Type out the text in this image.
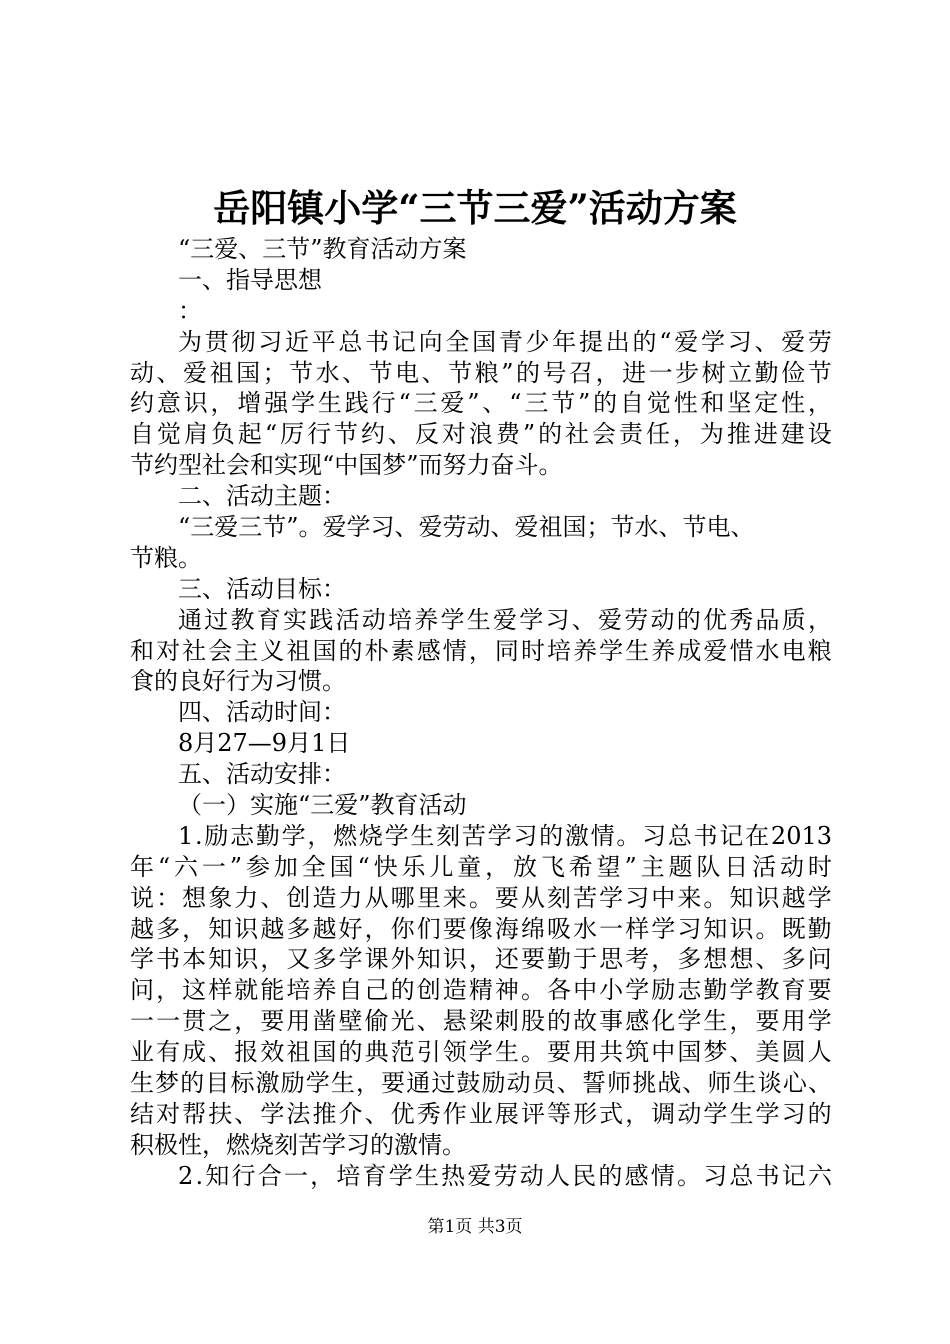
岳阳镇小学“三节三爱”活动方案
“三爱、三节”教育活动方案
一、指导思想
：
为 贯 彻 习 近 平 总 书 记 向 全 国 青 少 年 提 出 的 “ 爱 学 习 、 爱 劳
动 、 爱 祖 国 ； 节 水 、 节 电 、 节 粮 ” 的 号 召 ， 进 一 步 树 立 勤 俭 节
约 意 识 ， 增 强 学 生 践 行 “ 三 爱 ” 、 “ 三 节 ” 的 自 觉 性 和 坚 定 性 ，
自 觉 肩 负 起 “ 厉 行 节 约 、 反 对 浪 费 ” 的 社 会 责 任 ， 为 推 进 建 设
节约型社会和实现“中国梦”而努力奋斗。
二、活动主题：
“三爱三节”。爱学习、爱劳动、爱祖国；节水、节电、
节粮。
三、活动目标：
通 过 教 育 实 践 活 动 培 养 学 生 爱 学 习 、 爱 劳 动 的 优 秀 品 质 ，
和 对 社 会 主 义 祖 国 的 朴 素 感 情 ， 同 时 培 养 学 生 养 成 爱 惜 水 电 粮
食的良好行为习惯。
四、活动时间：
8月27—9月1日
五、活动安排：
（一）实施“三爱”教育活动
1 . 励 志 勤 学 ， 燃 烧 学 生 刻 苦 学 习 的 激 情 。 习 总 书 记 在 2013
年 “ 六 一 ” 参 加 全 国 “ 快 乐 儿 童 ， 放 飞 希 望 ” 主 题 队 日 活 动 时
说 ： 想 象 力 、 创 造 力 从 哪 里 来 。 要 从 刻 苦 学 习 中 来 。 知 识 越 学
越 多 ， 知 识 越 多 越 好 ， 你 们 要 像 海 绵 吸 水 一 样 学 习 知 识 。 既 勤
学 书 本 知 识 ， 又 多 学 课 外 知 识 ， 还 要 勤 于 思 考 ， 多 想 想 、 多 问
问 ， 这 样 就 能 培 养 自 己 的 创 造 精 神 。 各 中 小 学 励 志 勤 学 教 育 要
一 一 贯 之 ， 要 用 凿 壁 偷 光 、 悬 梁 刺 股 的 故 事 感 化 学 生 ， 要 用 学
业 有 成 、 报 效 祖 国 的 典 范 引 领 学 生 。 要 用 共 筑 中 国 梦 、 美 圆 人
生 梦 的 目 标 激 励 学 生 ， 要 通 过 鼓 励 动 员 、 誓 师 挑 战 、 师 生 谈 心 、
结 对 帮 扶 、 学 法 推 介 、 优 秀 作 业 展 评 等 形 式 ， 调 动 学 生 学 习 的
积极性，燃烧刻苦学习的激情。
2 . 知 行 合 一 ， 培 育 学 生 热 爱 劳 动 人 民 的 感 情 。 习 总 书 记 六
第1页 共3页
